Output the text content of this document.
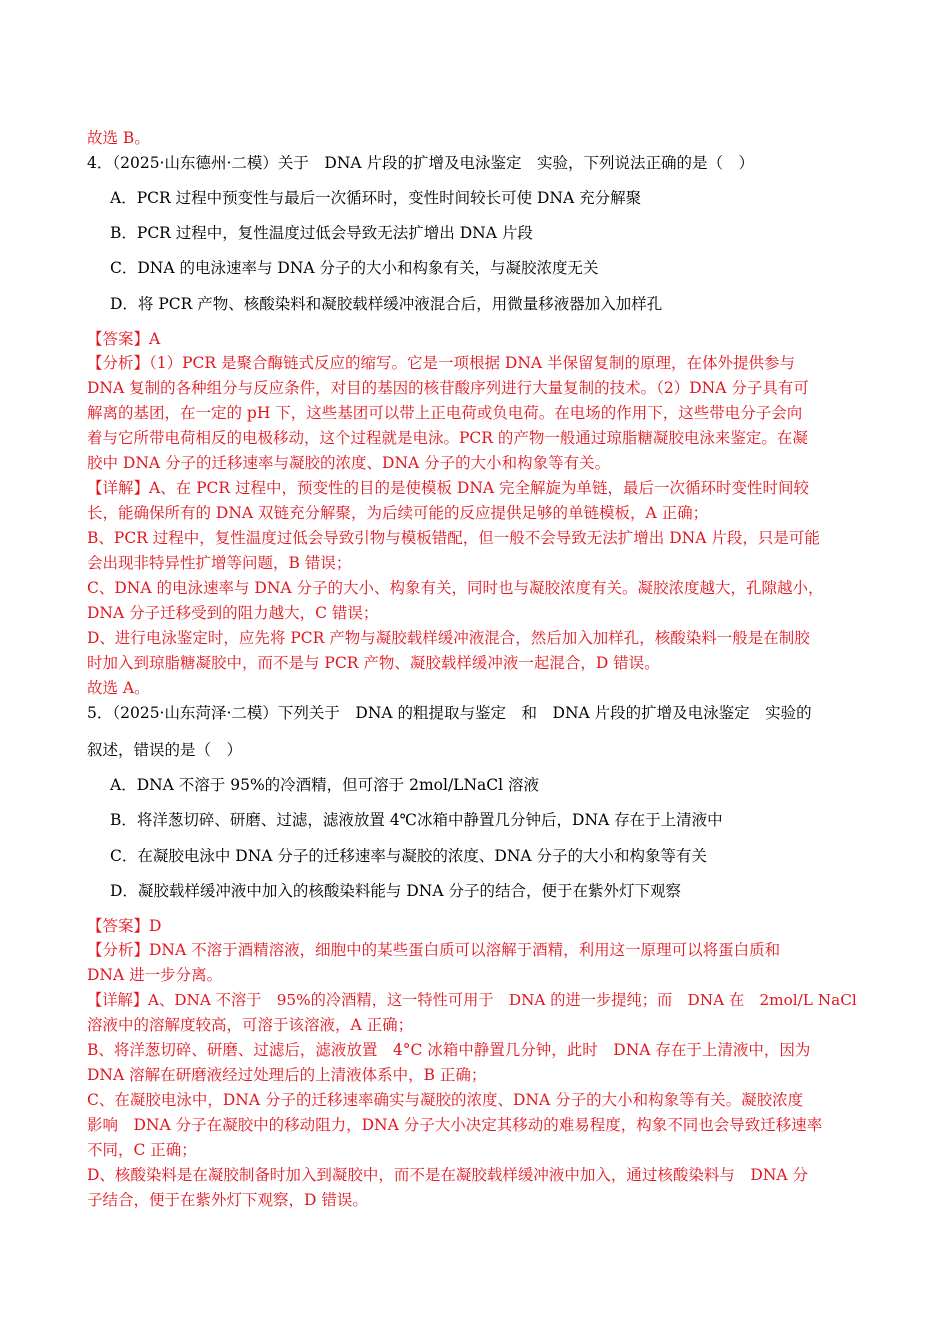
故选 B。
4．（2025·山东德州·二模）关于　DNA 片段的扩增及电泳鉴定　实验，下列说法正确的是（　）
A．PCR 过程中预变性与最后一次循环时，变性时间较长可使 DNA 充分解聚
B．PCR 过程中，复性温度过低会导致无法扩增出 DNA 片段
C．DNA 的电泳速率与 DNA 分子的大小和构象有关，与凝胶浓度无关
D．将 PCR 产物、核酸染料和凝胶载样缓冲液混合后，用微量移液器加入加样孔
【答案】A
【分析】（1）PCR 是聚合酶链式反应的缩写。它是一项根据 DNA 半保留复制的原理，在体外提供参与
DNA 复制的各种组分与反应条件，对目的基因的核苷酸序列进行大量复制的技术。（2）DNA 分子具有可
解离的基团，在一定的 pH 下，这些基团可以带上正电荷或负电荷。在电场的作用下，这些带电分子会向
着与它所带电荷相反的电极移动，这个过程就是电泳。PCR 的产物一般通过琼脂糖凝胶电泳来鉴定。在凝
胶中 DNA 分子的迁移速率与凝胶的浓度、DNA 分子的大小和构象等有关。
【详解】A、在 PCR 过程中，预变性的目的是使模板 DNA 完全解旋为单链，最后一次循环时变性时间较
长，能确保所有的 DNA 双链充分解聚，为后续可能的反应提供足够的单链模板，A 正确；
B、PCR 过程中，复性温度过低会导致引物与模板错配，但一般不会导致无法扩增出 DNA 片段，只是可能
会出现非特异性扩增等问题，B 错误；
C、DNA 的电泳速率与 DNA 分子的大小、构象有关，同时也与凝胶浓度有关。凝胶浓度越大，孔隙越小，
DNA 分子迁移受到的阻力越大，C 错误；
D、进行电泳鉴定时，应先将 PCR 产物与凝胶载样缓冲液混合，然后加入加样孔，核酸染料一般是在制胶
时加入到琼脂糖凝胶中，而不是与 PCR 产物、凝胶载样缓冲液一起混合，D 错误。
故选 A。
5．（2025·山东菏泽·二模）下列关于　DNA 的粗提取与鉴定　和　DNA 片段的扩增及电泳鉴定　实验的
叙述，错误的是（　）
A．DNA 不溶于 95%的冷酒精，但可溶于 2mol/LNaCl 溶液
B．将洋葱切碎、研磨、过滤，滤液放置 4℃冰箱中静置几分钟后，DNA 存在于上清液中
C．在凝胶电泳中 DNA 分子的迁移速率与凝胶的浓度、DNA 分子的大小和构象等有关
D．凝胶载样缓冲液中加入的核酸染料能与 DNA 分子的结合，便于在紫外灯下观察
【答案】D
【分析】DNA 不溶于酒精溶液，细胞中的某些蛋白质可以溶解于酒精，利用这一原理可以将蛋白质和
DNA 进一步分离。
【详解】A、DNA 不溶于　95%的冷酒精，这一特性可用于　DNA 的进一步提纯；而　DNA 在　2mol/L NaCl
溶液中的溶解度较高，可溶于该溶液，A 正确；
B、将洋葱切碎、研磨、过滤后，滤液放置　4°C 冰箱中静置几分钟，此时　DNA 存在于上清液中，因为
DNA 溶解在研磨液经过处理后的上清液体系中，B 正确；
C、在凝胶电泳中，DNA 分子的迁移速率确实与凝胶的浓度、DNA 分子的大小和构象等有关。凝胶浓度
影响　DNA 分子在凝胶中的移动阻力，DNA 分子大小决定其移动的难易程度，构象不同也会导致迁移速率
不同，C 正确；
D、核酸染料是在凝胶制备时加入到凝胶中，而不是在凝胶载样缓冲液中加入，通过核酸染料与　DNA 分
子结合，便于在紫外灯下观察，D 错误。
